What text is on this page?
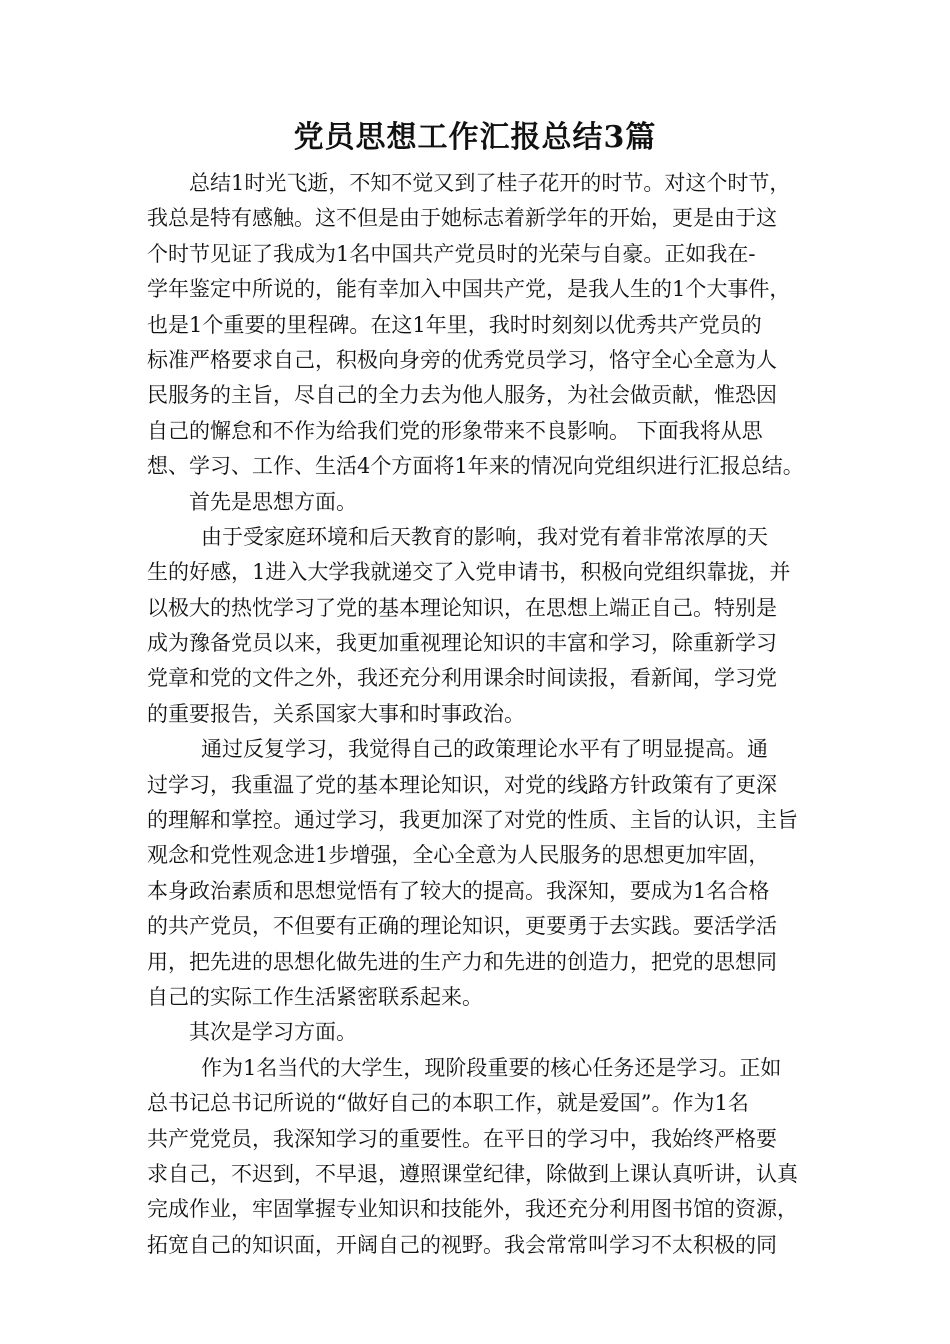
党员思想工作汇报总结3篇
总结1时光飞逝，不知不觉又到了桂子花开的时节。对这个时节，
我总是特有感触。这不但是由于她标志着新学年的开始，更是由于这
个时节见证了我成为1名中国共产党员时的光荣与自豪。正如我在-
学年鉴定中所说的，能有幸加入中国共产党，是我人生的1个大事件，
也是1个重要的里程碑。在这1年里，我时时刻刻以优秀共产党员的
标准严格要求自己，积极向身旁的优秀党员学习，恪守全心全意为人
民服务的主旨，尽自己的全力去为他人服务，为社会做贡献，惟恐因
自己的懈怠和不作为给我们党的形象带来不良影响。 下面我将从思
想、学习、工作、生活4个方面将1年来的情况向党组织进行汇报总结。
首先是思想方面。
由于受家庭环境和后天教育的影响，我对党有着非常浓厚的天
生的好感，1进入大学我就递交了入党申请书，积极向党组织靠拢，并
以极大的热忱学习了党的基本理论知识，在思想上端正自己。特别是
成为豫备党员以来，我更加重视理论知识的丰富和学习，除重新学习
党章和党的文件之外，我还充分利用课余时间读报，看新闻，学习党
的重要报告，关系国家大事和时事政治。
通过反复学习，我觉得自己的政策理论水平有了明显提高。通
过学习，我重温了党的基本理论知识，对党的线路方针政策有了更深
的理解和掌控。通过学习，我更加深了对党的性质、主旨的认识，主旨
观念和党性观念进1步增强，全心全意为人民服务的思想更加牢固，
本身政治素质和思想觉悟有了较大的提高。我深知，要成为1名合格
的共产党员，不但要有正确的理论知识，更要勇于去实践。要活学活
用，把先进的思想化做先进的生产力和先进的创造力，把党的思想同
自己的实际工作生活紧密联系起来。
其次是学习方面。
作为1名当代的大学生，现阶段重要的核心任务还是学习。正如
总书记总书记所说的“做好自己的本职工作，就是爱国”。作为1名
共产党党员，我深知学习的重要性。在平日的学习中，我始终严格要
求自己，不迟到，不早退，遵照课堂纪律，除做到上课认真听讲，认真
完成作业，牢固掌握专业知识和技能外，我还充分利用图书馆的资源，
拓宽自己的知识面，开阔自己的视野。我会常常叫学习不太积极的同
